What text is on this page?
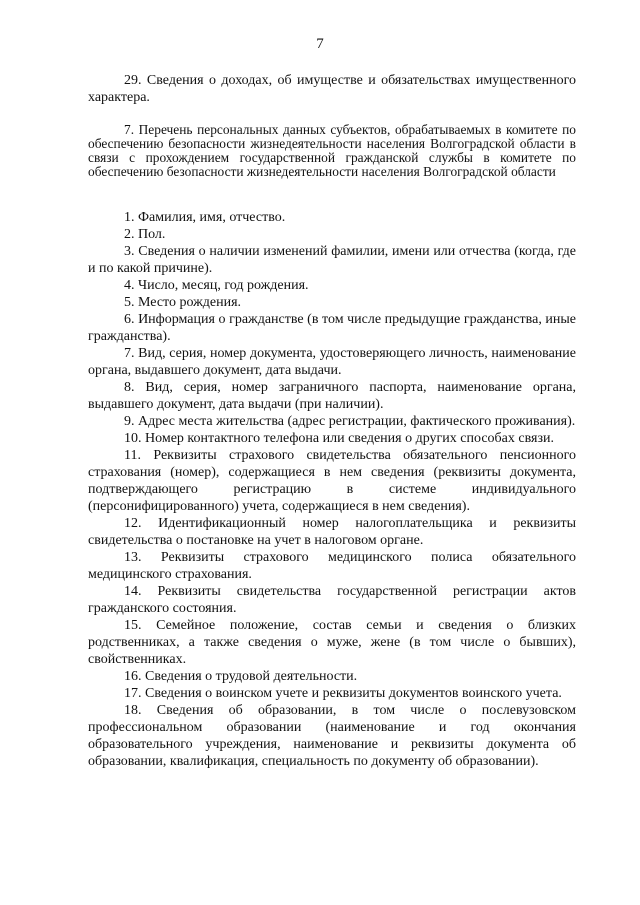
7

29. Сведения о доходах, об имуществе и обязательствах имущественного характера.

7. Перечень персональных данных субъектов, обрабатываемых в комитете по обеспечению безопасности жизнедеятельности населения Волгоградской области в связи с прохождением государственной гражданской службы в комитете по обеспечению безопасности жизнедеятельности населения Волгоградской области

1. Фамилия, имя, отчество.

2. Пол.

3. Сведения о наличии изменений фамилии, имени или отчества (когда, где и по какой причине).

4. Число, месяц, год рождения.

5. Место рождения.

6. Информация о гражданстве (в том числе предыдущие гражданства, иные гражданства).

7. Вид, серия, номер документа, удостоверяющего личность, наименование органа, выдавшего документ, дата выдачи.

8. Вид, серия, номер заграничного паспорта, наименование органа, выдавшего документ, дата выдачи (при наличии).

9. Адрес места жительства (адрес регистрации, фактического проживания).

10. Номер контактного телефона или сведения о других способах связи.

11. Реквизиты страхового свидетельства обязательного пенсионного страхования (номер), содержащиеся в нем сведения (реквизиты документа, подтверждающего регистрацию в системе индивидуального (персонифицированного) учета, содержащиеся в нем сведения).

12. Идентификационный номер налогоплательщика и реквизиты свидетельства о постановке на учет в налоговом органе.

13. Реквизиты страхового медицинского полиса обязательного медицинского страхования.

14. Реквизиты свидетельства государственной регистрации актов гражданского состояния.

15. Семейное положение, состав семьи и сведения о близких родственниках, а также сведения о муже, жене (в том числе о бывших), свойственниках.

16. Сведения о трудовой деятельности.

17. Сведения о воинском учете и реквизиты документов воинского учета.

18. Сведения об образовании, в том числе о послевузовском профессиональном образовании (наименование и год окончания образовательного учреждения, наименование и реквизиты документа об образовании, квалификация, специальность по документу об образовании).
